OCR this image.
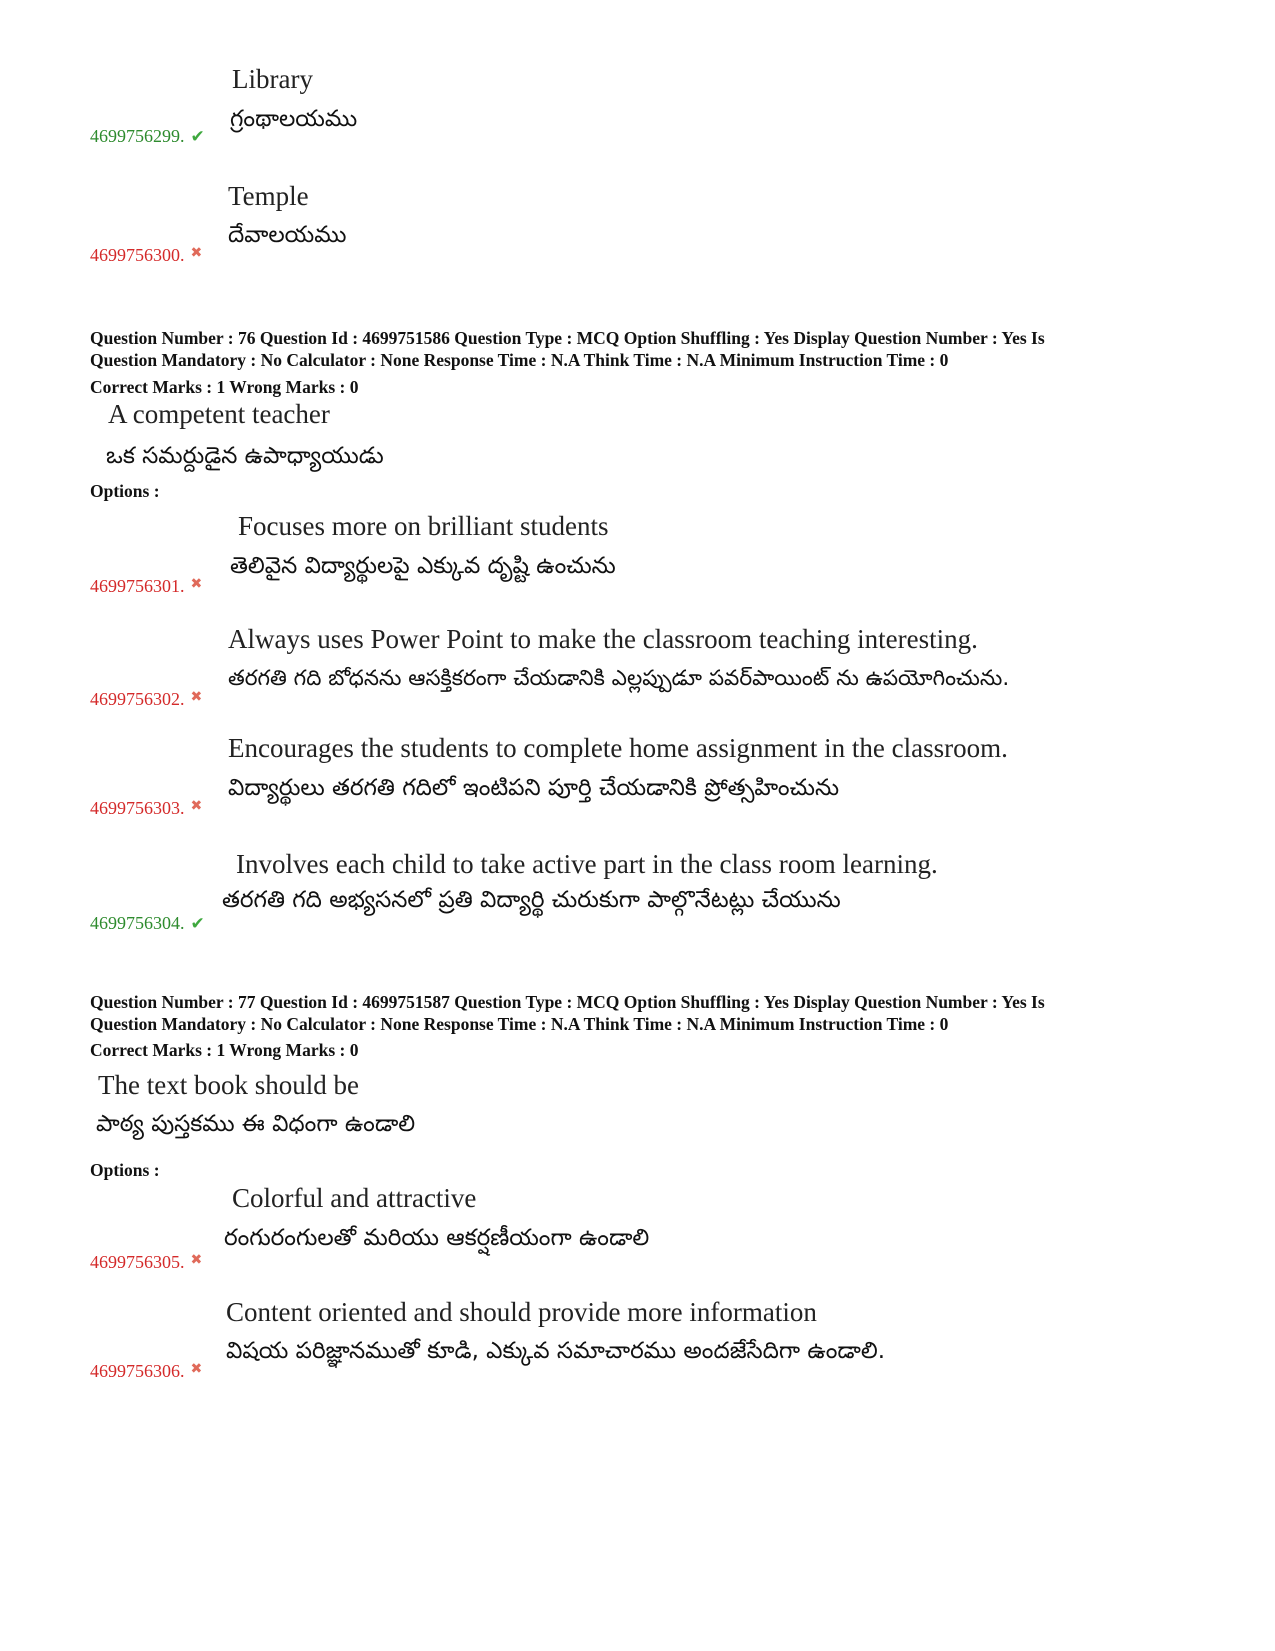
Library
గ్రంథాలయము
4699756299. ✔
Temple
దేవాలయము
4699756300. ✖
Question Number : 76 Question Id : 4699751586 Question Type : MCQ Option Shuffling : Yes Display Question Number : Yes Is
Question Mandatory : No Calculator : None Response Time : N.A Think Time : N.A Minimum Instruction Time : 0
Correct Marks : 1 Wrong Marks : 0
A competent teacher
ఒక సమర్దుడైన ఉపాధ్యాయుడు
Options :
Focuses more on brilliant students
తెలివైన విద్యార్థులపై ఎక్కువ దృష్టి ఉంచును
4699756301. ✖
Always uses Power Point to make the classroom teaching interesting.
తరగతి గది బోధనను ఆసక్తికరంగా చేయడానికి ఎల్లప్పుడూ పవర్‌పాయింట్ ను ఉపయోగించును.
4699756302. ✖
Encourages the students to complete home assignment in the classroom.
విద్యార్థులు తరగతి గదిలో ఇంటిపని పూర్తి చేయడానికి ప్రోత్సహించును
4699756303. ✖
Involves each child to take active part in the class room learning.
తరగతి గది అభ్యసనలో ప్రతి విద్యార్థి చురుకుగా పాల్గొనేటట్లు చేయును
4699756304. ✔
Question Number : 77 Question Id : 4699751587 Question Type : MCQ Option Shuffling : Yes Display Question Number : Yes Is
Question Mandatory : No Calculator : None Response Time : N.A Think Time : N.A Minimum Instruction Time : 0
Correct Marks : 1 Wrong Marks : 0
The text book should be
పాఠ్య పుస్తకము ఈ విధంగా ఉండాలి
Options :
Colorful and attractive
రంగురంగులతో మరియు ఆకర్షణీయంగా ఉండాలి
4699756305. ✖
Content oriented and should provide more information
విషయ పరిజ్ఞానముతో కూడి, ఎక్కువ సమాచారము అందజేసేదిగా ఉండాలి.
4699756306. ✖
